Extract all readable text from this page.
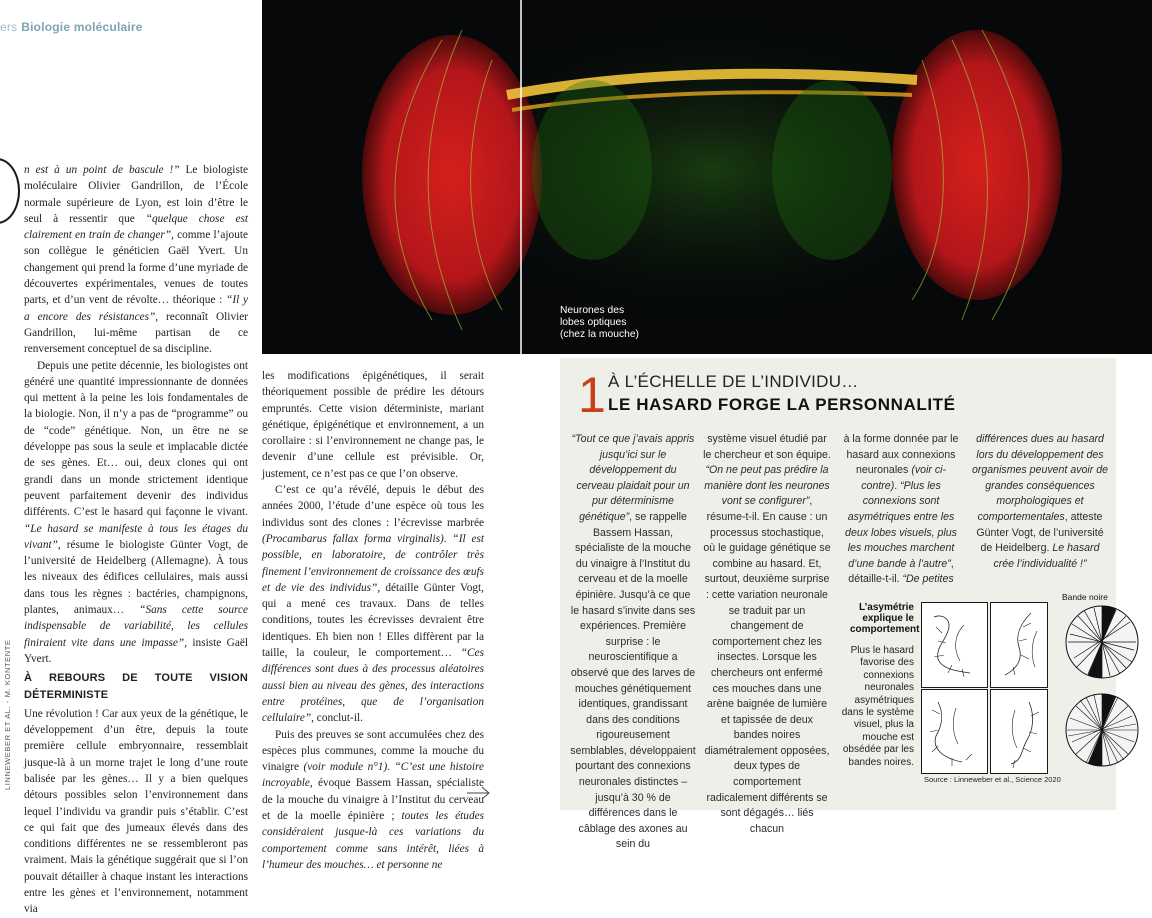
ers Biologie moléculaire

n est à un point de bascule !” Le biologiste moléculaire Olivier Gandrillon, de l’École normale supérieure de Lyon, est loin d’être le seul à ressentir que “quelque chose est clairement en train de changer”, comme l’ajoute son collègue le généticien Gaël Yvert. Un changement qui prend la forme d’une myriade de découvertes expérimentales, venues de toutes parts, et d’un vent de révolte… théorique : “Il y a encore des résistances”, reconnaît Olivier Gandrillon, lui-même partisan de ce renversement conceptuel de sa discipline.

Depuis une petite décennie, les biologistes ont généré une quantité impressionnante de données qui mettent à la peine les lois fondamentales de la biologie. Non, il n’y a pas de “programme” ou de “code” génétique. Non, un être ne se développe pas sous la seule et implacable dictée de ses gènes. Et… oui, deux clones qui ont grandi dans un monde strictement identique peuvent parfaitement devenir des individus différents. C’est le hasard qui façonne le vivant. “Le hasard se manifeste à tous les étages du vivant”, résume le biologiste Günter Vogt, de l’université de Heidelberg (Allemagne). À tous les niveaux des édifices cellulaires, mais aussi dans tous les règnes : bactéries, champignons, plantes, animaux… “Sans cette source indispensable de variabilité, les cellules finiraient vite dans une impasse”, insiste Gaël Yvert.

À REBOURS DE TOUTE VISION DÉTERMINISTE

Une révolution ! Car aux yeux de la génétique, le développement d’un être, depuis la toute première cellule embryonnaire, ressemblait jusque-là à un morne trajet le long d’une route balisée par les gènes… Il y a bien quelques détours possibles selon l’environnement dans lequel l’individu va grandir puis s’établir. C’est ce qui fait que des jumeaux élevés dans des conditions différentes ne se ressembleront pas vraiment. Mais la génétique suggérait que si l’on pouvait détailler à chaque instant les interactions entre les gènes et l’environnement, notamment via

les modifications épigénétiques, il serait théoriquement possible de prédire les détours empruntés. Cette vision déterministe, mariant génétique, épigénétique et environnement, a un corollaire : si l’environnement ne change pas, le devenir d’une cellule est prévisible. Or, justement, ce n’est pas ce que l’on observe.

C’est ce qu’a révélé, depuis le début des années 2000, l’étude d’une espèce où tous les individus sont des clones : l’écrevisse marbrée (Procambarus fallax forma virginalis). “Il est possible, en laboratoire, de contrôler très finement l’environnement de croissance des œufs et de vie des individus”, détaille Günter Vogt, qui a mené ces travaux. Dans de telles conditions, toutes les écrevisses devraient être identiques. Eh bien non ! Elles diffèrent par la taille, la couleur, le comportement… “Ces différences sont dues à des processus aléatoires aussi bien au niveau des gènes, des interactions entre protéines, que de l’organisation cellulaire”, conclut-il.

Puis des preuves se sont accumulées chez des espèces plus communes, comme la mouche du vinaigre (voir module n°1). “C’est une histoire incroyable, évoque Bassem Hassan, spécialiste de la mouche du vinaigre à l’Institut du cerveau et de la moelle épinière ; toutes les études considéraient jusque-là ces variations du comportement comme sans intérêt, liées à l’humeur des mouches… et personne ne

Neurones des
lobes optiques
(chez la mouche)
1 À L’ÉCHELLE DE L’INDIVIDU…
LE HASARD FORGE LA PERSONNALITÉ

“Tout ce que j’avais appris jusqu’ici sur le développement du cerveau plaidait pour un pur déterminisme génétique”, se rappelle Bassem Hassan, spécialiste de la mouche du vinaigre à l’Institut du cerveau et de la moelle épinière. Jusqu’à ce que le hasard s’invite dans ses expériences. Première surprise : le neuroscientifique a observé que des larves de mouches génétiquement identiques, grandissant dans des conditions rigoureusement semblables, développaient pourtant des connexions neuronales distinctes – jusqu’à 30 % de différences dans le câblage des axones au sein du

système visuel étudié par le chercheur et son équipe. “On ne peut pas prédire la manière dont les neurones vont se configurer”, résume-t-il. En cause : un processus stochastique, où le guidage génétique se combine au hasard. Et, surtout, deuxième surprise : cette variation neuronale se traduit par un changement de comportement chez les insectes. Lorsque les chercheurs ont enfermé ces mouches dans une arène baignée de lumière et tapissée de deux bandes noires diamétralement opposées, deux types de comportement radicalement différents se sont dégagés… liés chacun

à la forme donnée par le hasard aux connexions neuronales (voir ci-contre). “Plus les connexions sont asymétriques entre les deux lobes visuels, plus les mouches marchent d’une bande à l’autre”, détaille-t-il. “De petites

différences dues au hasard lors du développement des organismes peuvent avoir de grandes conséquences morphologiques et comportementales, atteste Günter Vogt, de l’université de Heidelberg. Le hasard crée l’individualité !”

L’asymétrie explique le comportement
Plus le hasard favorise des connexions neuronales asymétriques dans le système visuel, plus la mouche est obsédée par les bandes noires.
Bande noire
Source : Linneweber et al., Science 2020
LINNEWEBER ET AL. - M. KONTENTE
